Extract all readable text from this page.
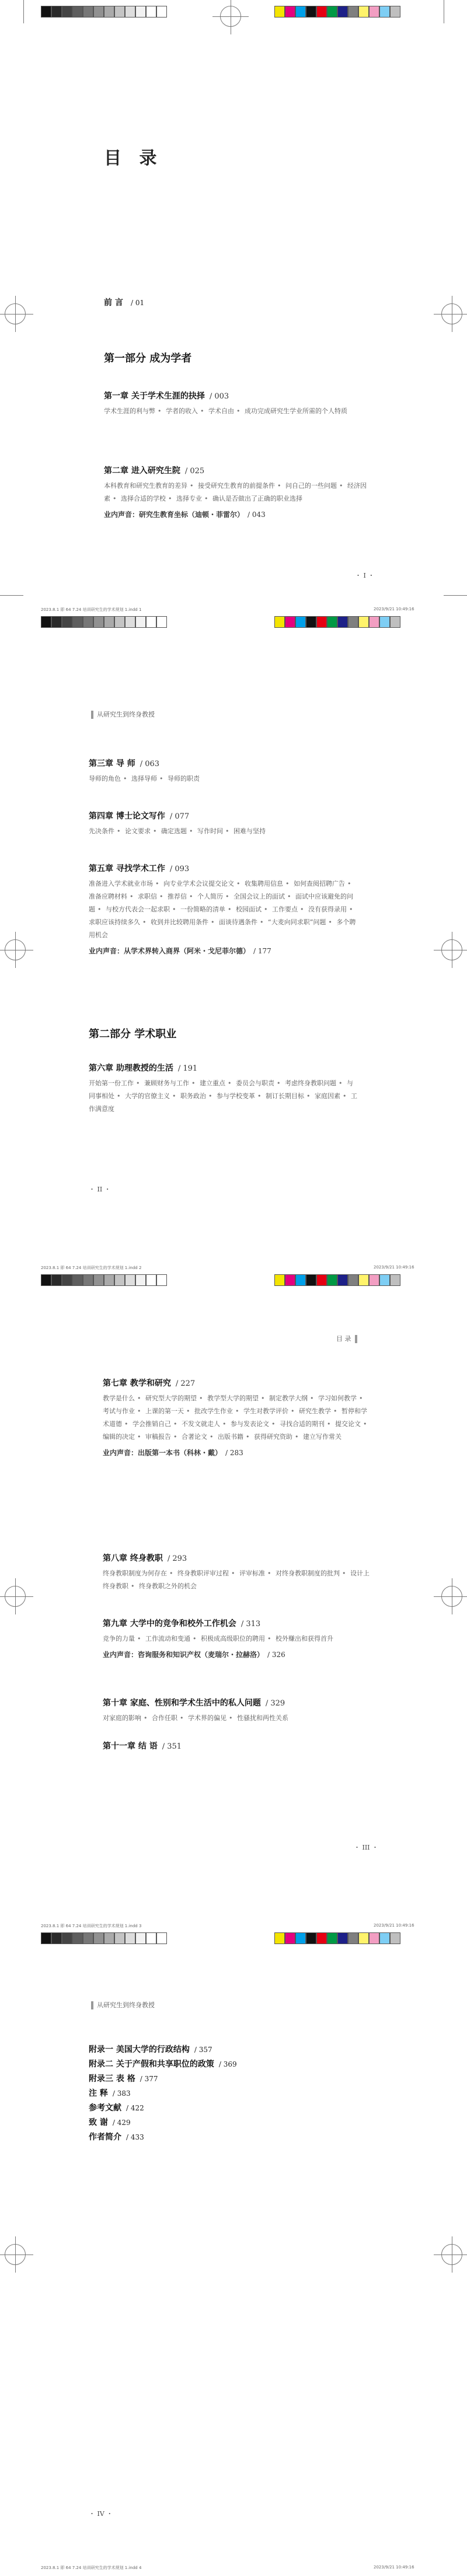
目 录
前 言 / 01
第一部分 成为学者
第一章 关于学术生涯的抉择 / 003
学术生涯的利与弊 • 学者的收入 • 学术自由 • 成功完成研究生学业所需的个人特质
第二章 进入研究生院 / 025
本科教育和研究生教育的差异 • 接受研究生教育的前提条件 • 问自己的一些问题 • 经济因素 • 选择合适的学校 • 选择专业 • 确认是否做出了正确的职业选择
业内声音：研究生教育坐标（迪顿・菲雷尔） / 043
・ I ・
2023.8.1 即 64 7.24 培训研究生的学术规划 1.indd 1	2023/9/21 10:49:16
从研究生到终身教授
第三章 导 师 / 063
导师的角色 • 选择导师 • 导师的职责
第四章 博士论文写作 / 077
先决条件 • 论文要求 • 确定选题 • 写作时间 • 困难与坚持
第五章 寻找学术工作 / 093
准备进入学术就业市场 • 向专业学术会议提交论文 • 收集聘用信息 • 如何查阅招聘广告 • 准备应聘材料 • 求职信 • 推荐信 • 个人简历 • 全国会议上的面试 • 面试中应该避免的问题 • 与校方代表会一起求职 • 一份简略的清单 • 校园面试 • 工作要点 • 没有获得录用 • 求职应该持续多久 • 收到并比较聘用条件 • 面谈待遇条件 • “大麦向同求职”问题 • 多个聘用机会
业内声音：从学术界转入商界（阿米・戈尼菲尔德） / 177
第二部分 学术职业
第六章 助理教授的生活 / 191
开始第一份工作 • 兼顾财务与工作 • 建立重点 • 委员会与职责 • 考虑终身教职问题 • 与同事相处 • 大学的官僚主义 • 职务政治 • 参与学校变革 • 制订长期目标 • 家庭因素 • 工作满意度
・ II ・
2023.8.1 即 64 7.24 培训研究生的学术规划 1.indd 2	2023/9/21 10:49:16
目 录
第七章 教学和研究 / 227
教学是什么 • 研究型大学的期望 • 教学型大学的期望 • 制定教学大纲 • 学习如何教学 • 考试与作业 • 上课的第一天 • 批改学生作业 • 学生对教学评价 • 研究生教学 • 暂停和学术道德 • 学会推销自己 • 不发文就走人 • 参与发表论文 • 寻找合适的期刊 • 提交论文 • 编辑的决定 • 审稿报告 • 合著论文 • 出版书籍 • 获得研究资助 • 建立写作常关
业内声音：出版第一本书（科林・戴） / 283
第八章 终身教职 / 293
终身教职制度为何存在 • 终身教职评审过程 • 评审标准 • 对终身教职制度的批判 • 设计上终身教职 • 终身教职之外的机会
第九章 大学中的竞争和校外工作机会 / 313
竞争的力量 • 工作流动和变通 • 积极成高级职位的聘用 • 校外赚出和获得首升
业内声音：咨询服务和知识产权（麦瑞尔・拉赫洛） / 326
第十章 家庭、性别和学术生活中的私人问题 / 329
对家庭的影响 • 合作任职 • 学术界的偏见 • 性骚扰和两性关系
第十一章 结 语 / 351
・ III ・
2023.8.1 即 64 7.24 培训研究生的学术规划 1.indd 3	2023/9/21 10:49:16
从研究生到终身教授
附录一 美国大学的行政结构 / 357
附录二 关于产假和共享职位的政策 / 369
附录三 表 格 / 377
注 释 / 383
参考文献 / 422
致 谢 / 429
作者简介 / 433
・ IV ・
2023.8.1 即 64 7.24 培训研究生的学术规划 1.indd 4	2023/9/21 10:49:16
